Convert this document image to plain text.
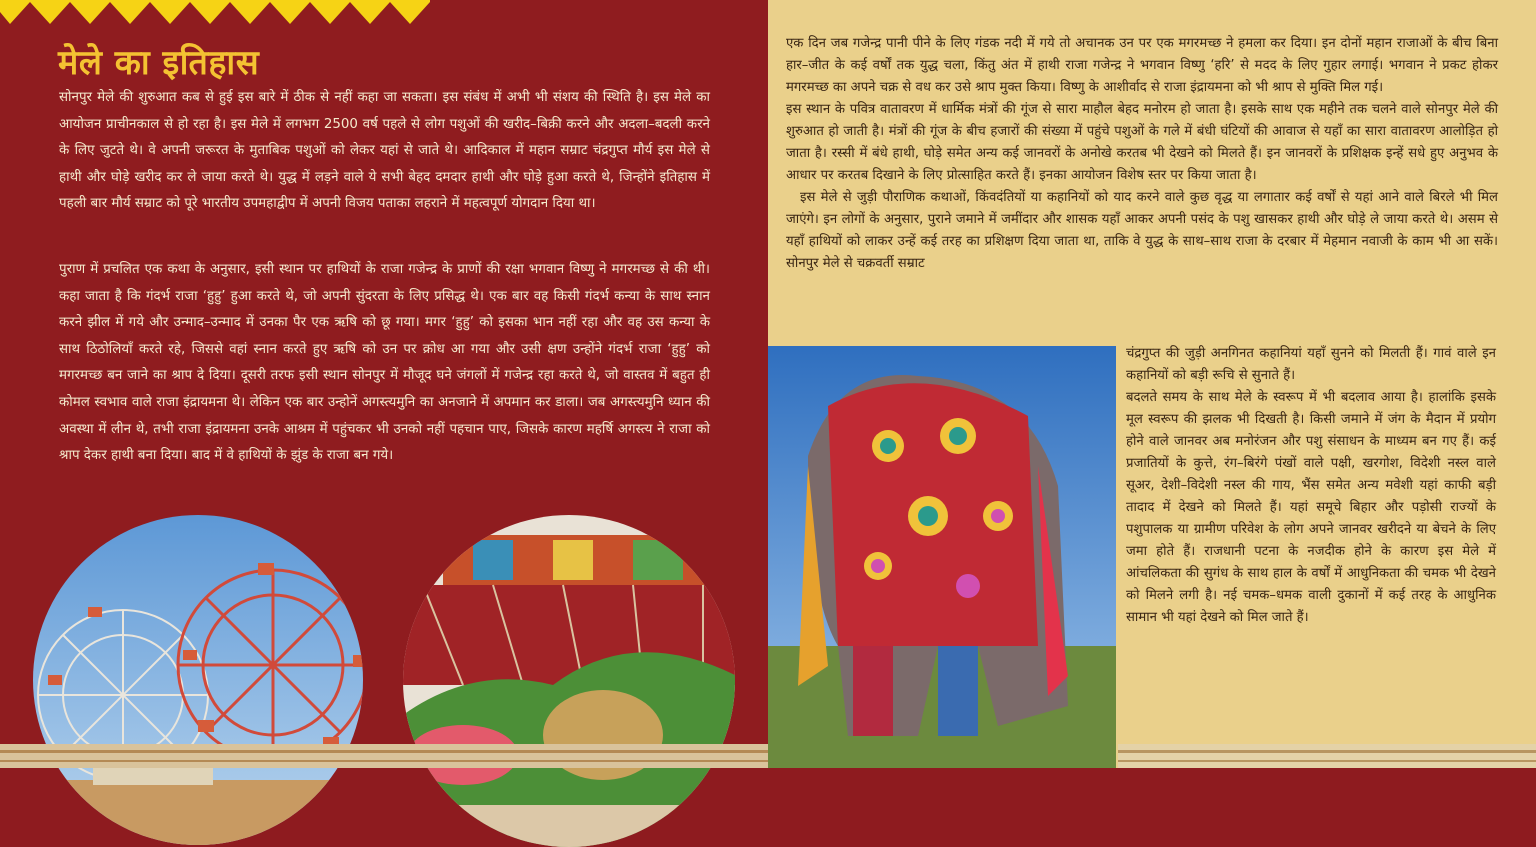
मेले का इतिहास

सोनपुर मेले की शुरुआत कब से हुई इस बारे में ठीक से नहीं कहा जा सकता। इस संबंध में अभी भी संशय की स्थिति है। इस मेले का आयोजन प्राचीनकाल से हो रहा है। इस मेले में लगभग 2500 वर्ष पहले से लोग पशुओं की खरीद–बिक्री करने और अदला–बदली करने के लिए जुटते थे। वे अपनी जरूरत के मुताबिक पशुओं को लेकर यहां से जाते थे। आदिकाल में महान सम्राट चंद्रगुप्त मौर्य इस मेले से हाथी और घोड़े खरीद कर ले जाया करते थे। युद्ध में लड़ने वाले ये सभी बेहद दमदार हाथी और घोड़े हुआ करते थे, जिन्होंने इतिहास में पहली बार मौर्य सम्राट को पूरे भारतीय उपमहाद्वीप में अपनी विजय पताका लहराने में महत्वपूर्ण योगदान दिया था।

पुराण में प्रचलित एक कथा के अनुसार, इसी स्थान पर हाथियों के राजा गजेन्द्र के प्राणों की रक्षा भगवान विष्णु ने मगरमच्छ से की थी। कहा जाता है कि गंदर्भ राजा ‘हुहु’ हुआ करते थे, जो अपनी सुंदरता के लिए प्रसिद्ध थे। एक बार वह किसी गंदर्भ कन्या के साथ स्नान करने झील में गये और उन्माद–उन्माद में उनका पैर एक ऋषि को छू गया। मगर ‘हुहु’ को इसका भान नहीं रहा और वह उस कन्या के साथ ठिठोलियाँ करते रहे, जिससे वहां स्नान करते हुए ऋषि को उन पर क्रोध आ गया और उसी क्षण उन्होंने गंदर्भ राजा ‘हुहु’ को मगरमच्छ बन जाने का श्राप दे दिया। दूसरी तरफ इसी स्थान सोनपुर में मौजूद घने जंगलों में गजेन्द्र रहा करते थे, जो वास्तव में बहुत ही कोमल स्वभाव वाले राजा इंद्रायमना थे। लेकिन एक बार उन्होनें अगस्त्यमुनि का अनजाने में अपमान कर डाला। जब अगस्त्यमुनि ध्यान की अवस्था में लीन थे, तभी राजा इंद्रायमना उनके आश्रम में पहुंचकर भी उनको नहीं पहचान पाए, जिसके कारण महर्षि अगस्त्य ने राजा को श्राप देकर हाथी बना दिया। बाद में वे हाथियों के झुंड के राजा बन गये।

एक दिन जब गजेन्द्र पानी पीने के लिए गंडक नदी में गये तो अचानक उन पर एक मगरमच्छ ने हमला कर दिया। इन दोनों महान राजाओं के बीच बिना हार–जीत के कई वर्षों तक युद्ध चला, किंतु अंत में हाथी राजा गजेन्द्र ने भगवान विष्णु ‘हरि’ से मदद के लिए गुहार लगाई। भगवान ने प्रकट होकर मगरमच्छ का अपने चक्र से वध कर उसे श्राप मुक्त किया। विष्णु के आशीर्वाद से राजा इंद्रायमना को भी श्राप से मुक्ति मिल गई।
इस स्थान के पवित्र वातावरण में धार्मिक मंत्रों की गूंज से सारा माहौल बेहद मनोरम हो जाता है। इसके साथ एक महीने तक चलने वाले सोनपुर मेले की शुरुआत हो जाती है। मंत्रों की गूंज के बीच हजारों की संख्या में पहुंचे पशुओं के गले में बंधी घंटियों की आवाज से यहाँ का सारा वातावरण आलोड़ित हो जाता है। रस्सी में बंधे हाथी, घोड़े समेत अन्य कई जानवरों के अनोखे करतब भी देखने को मिलते हैं। इन जानवरों के प्रशिक्षक इन्हें सधे हुए अनुभव के आधार पर करतब दिखाने के लिए प्रोत्साहित करते हैं। इनका आयोजन विशेष स्तर पर किया जाता है।
इस मेले से जुड़ी पौराणिक कथाओं, किंवदंतियों या कहानियों को याद करने वाले कुछ वृद्ध या लगातार कई वर्षों से यहां आने वाले बिरले भी मिल जाएंगे। इन लोगों के अनुसार, पुराने जमाने में जमींदार और शासक यहाँ आकर अपनी पसंद के पशु खासकर हाथी और घोड़े ले जाया करते थे। असम से यहाँ हाथियों को लाकर उन्हें कई तरह का प्रशिक्षण दिया जाता था, ताकि वे युद्ध के साथ–साथ राजा के दरबार में मेहमान नवाजी के काम भी आ सकें। सोनपुर मेले से चक्रवर्ती सम्राट

चंद्रगुप्त की जुड़ी अनगिनत कहानियां यहाँ सुनने को मिलती हैं। गावं वाले इन कहानियों को बड़ी रूचि से सुनाते हैं।
बदलते समय के साथ मेले के स्वरूप में भी बदलाव आया है। हालांकि इसके मूल स्वरूप की झलक भी दिखती है। किसी जमाने में जंग के मैदान में प्रयोग होने वाले जानवर अब मनोरंजन और पशु संसाधन के माध्यम बन गए हैं। कई प्रजातियों के कुत्ते, रंग–बिरंगे पंखों वाले पक्षी, खरगोश, विदेशी नस्ल वाले सूअर, देशी–विदेशी नस्ल की गाय, भैंस समेत अन्य मवेशी यहां काफी बड़ी तादाद में देखने को मिलते हैं। यहां समूचे बिहार और पड़ोसी राज्यों के पशुपालक या ग्रामीण परिवेश के लोग अपने जानवर खरीदने या बेचने के लिए जमा होते हैं। राजधानी पटना के नजदीक होने के कारण इस मेले में आंचलिकता की सुगंध के साथ हाल के वर्षों में आधुनिकता की चमक भी देखने को मिलने लगी है। नई चमक–धमक वाली दुकानों में कई तरह के आधुनिक सामान भी यहां देखने को मिल जाते हैं।
